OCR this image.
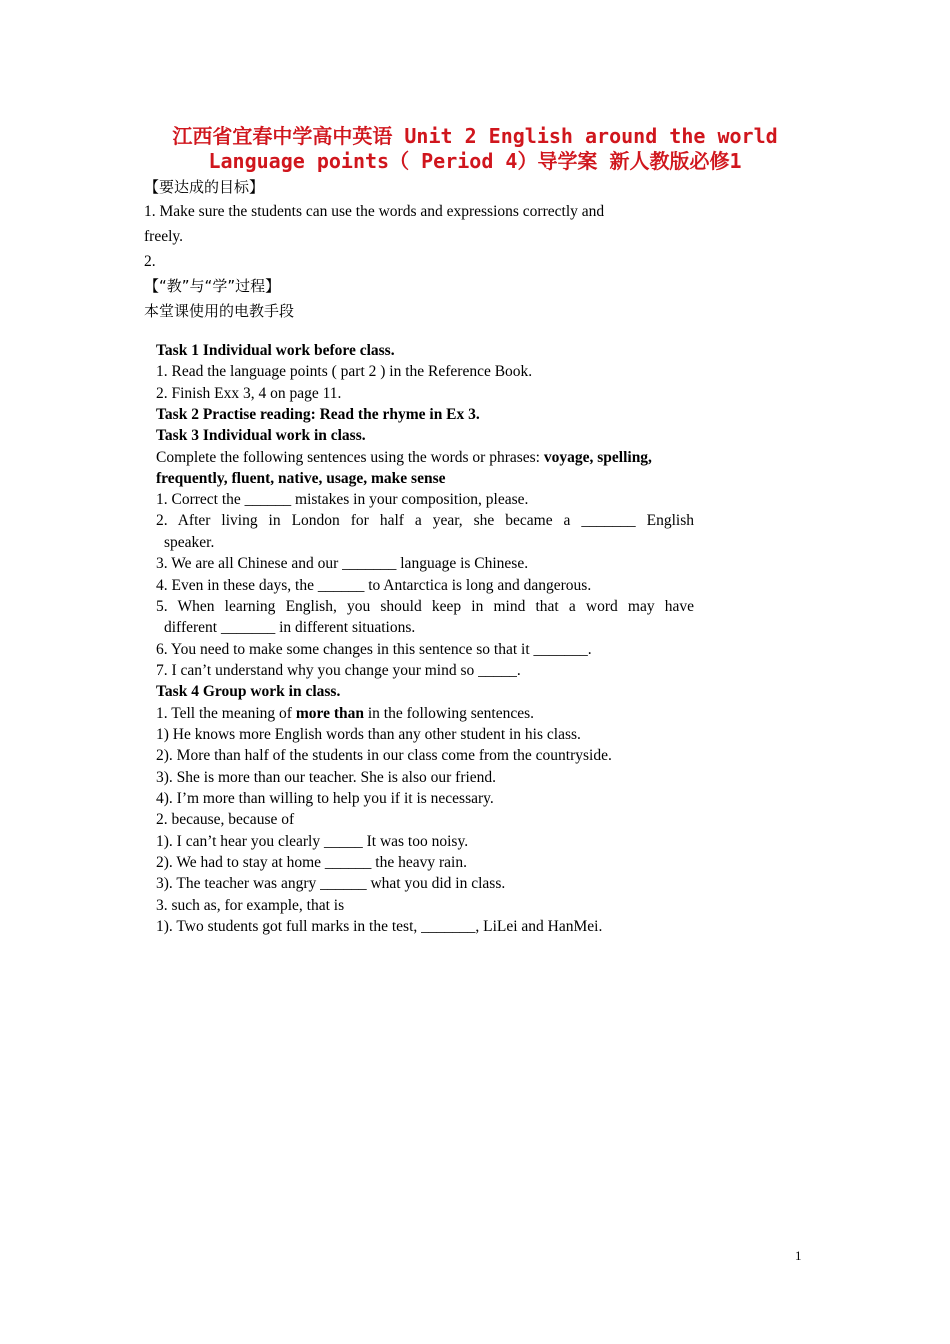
江西省宜春中学高中英语 Unit 2 English around the world
Language points（ Period 4）导学案 新人教版必修1
【要达成的目标】
1. Make sure the students can use the words and expressions correctly and
freely.
2.
【“教”与“学”过程】
本堂课使用的电教手段
Task 1 Individual work before class.
1. Read the language points ( part 2 ) in the Reference Book.
2. Finish Exx 3, 4 on page 11.
Task 2 Practise reading: Read the rhyme in Ex 3.
Task 3 Individual work in class.
Complete the following sentences using the words or phrases: voyage, spelling,
frequently, fluent, native, usage, make sense
1. Correct the ______ mistakes in your composition, please.
2. After living in London for half a year, she became a _______ English
speaker.
3. We are all Chinese and our _______ language is Chinese.
4. Even in these days, the ______ to Antarctica is long and dangerous.
5. When learning English, you should keep in mind that a word may have
different _______ in different situations.
6. You need to make some changes in this sentence so that it _______.
7. I can’t understand why you change your mind so _____.
Task 4 Group work in class.
1. Tell the meaning of more than in the following sentences.
1) He knows more English words than any other student in his class.
2). More than half of the students in our class come from the countryside.
3). She is more than our teacher. She is also our friend.
4). I’m more than willing to help you if it is necessary.
2. because, because of
1). I can’t hear you clearly _____ It was too noisy.
2). We had to stay at home ______ the heavy rain.
3). The teacher was angry ______ what you did in class.
3. such as, for example, that is
1). Two students got full marks in the test, _______, LiLei and HanMei.
1
